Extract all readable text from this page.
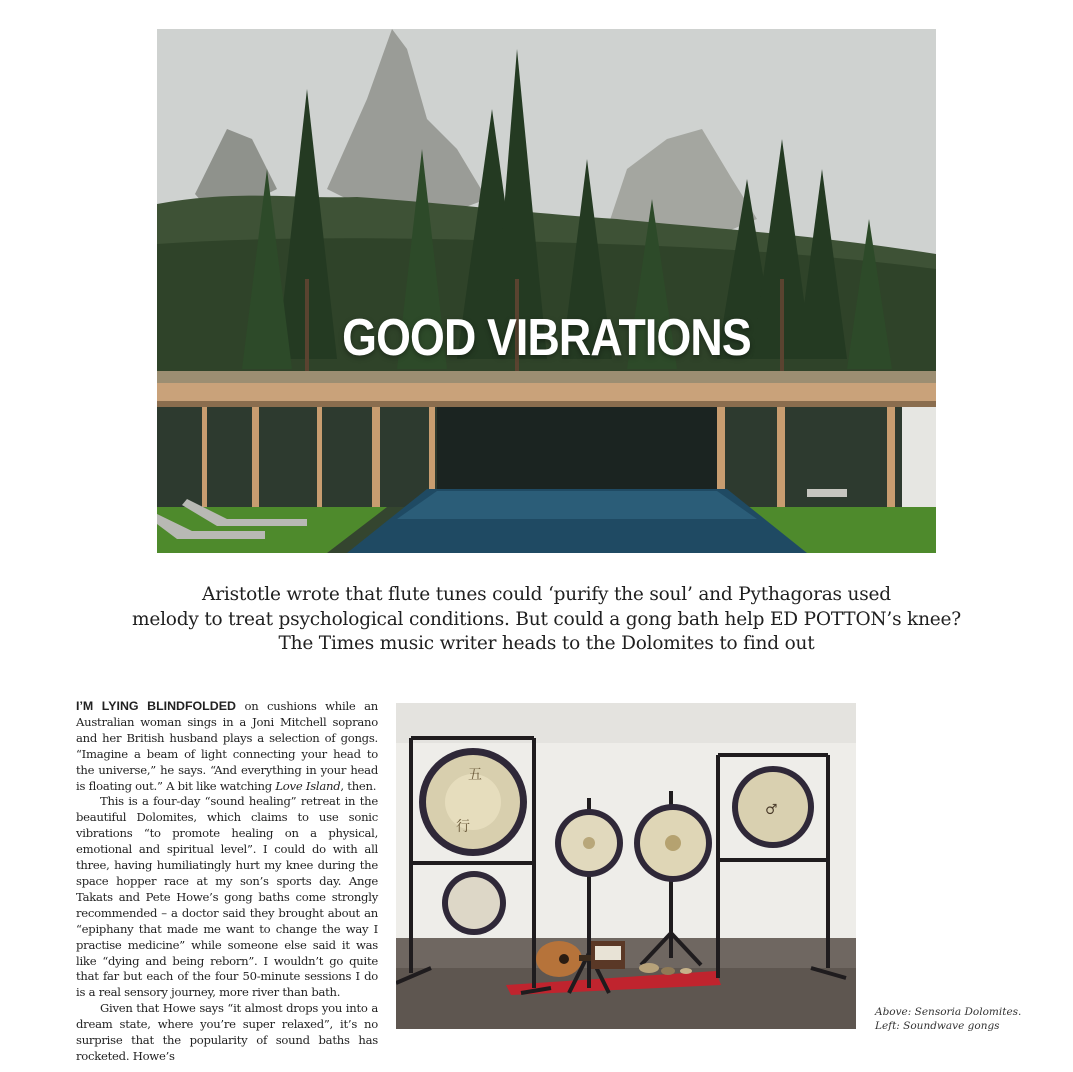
GOOD VIBRATIONS
Aristotle wrote that flute tunes could ‘purify the soul’ and Pythagoras used
melody to treat psychological conditions. But could a gong bath help ED POTTON’s knee?
The Times music writer heads to the Dolomites to find out

I’M LYING BLINDFOLDED on cushions while an Australian woman sings in a Joni Mitchell soprano and her British husband plays a selection of gongs. “Imagine a beam of light connecting your head to the universe,” he says. “And everything in your head is floating out.” A bit like watching Love Island, then.

This is a four-day “sound healing” retreat in the beautiful Dolomites, which claims to use sonic vibrations “to promote healing on a physical, emotional and spiritual level”. I could do with all three, having humiliatingly hurt my knee during the space hopper race at my son’s sports day. Ange Takats and Pete Howe’s gong baths come strongly recommended – a doctor said they brought about an “epiphany that made me want to change the way I practise medicine” while someone else said it was like “dying and being reborn”. I wouldn’t go quite that far but each of the four 50-minute sessions I do is a real sensory journey, more river than bath.

Given that Howe says “it almost drops you into a dream state, where you’re super relaxed”, it’s no surprise that the popularity of sound baths has rocketed. Howe’s

五
行
♂
Above: Sensoria Dolomites.
Left: Soundwave gongs
